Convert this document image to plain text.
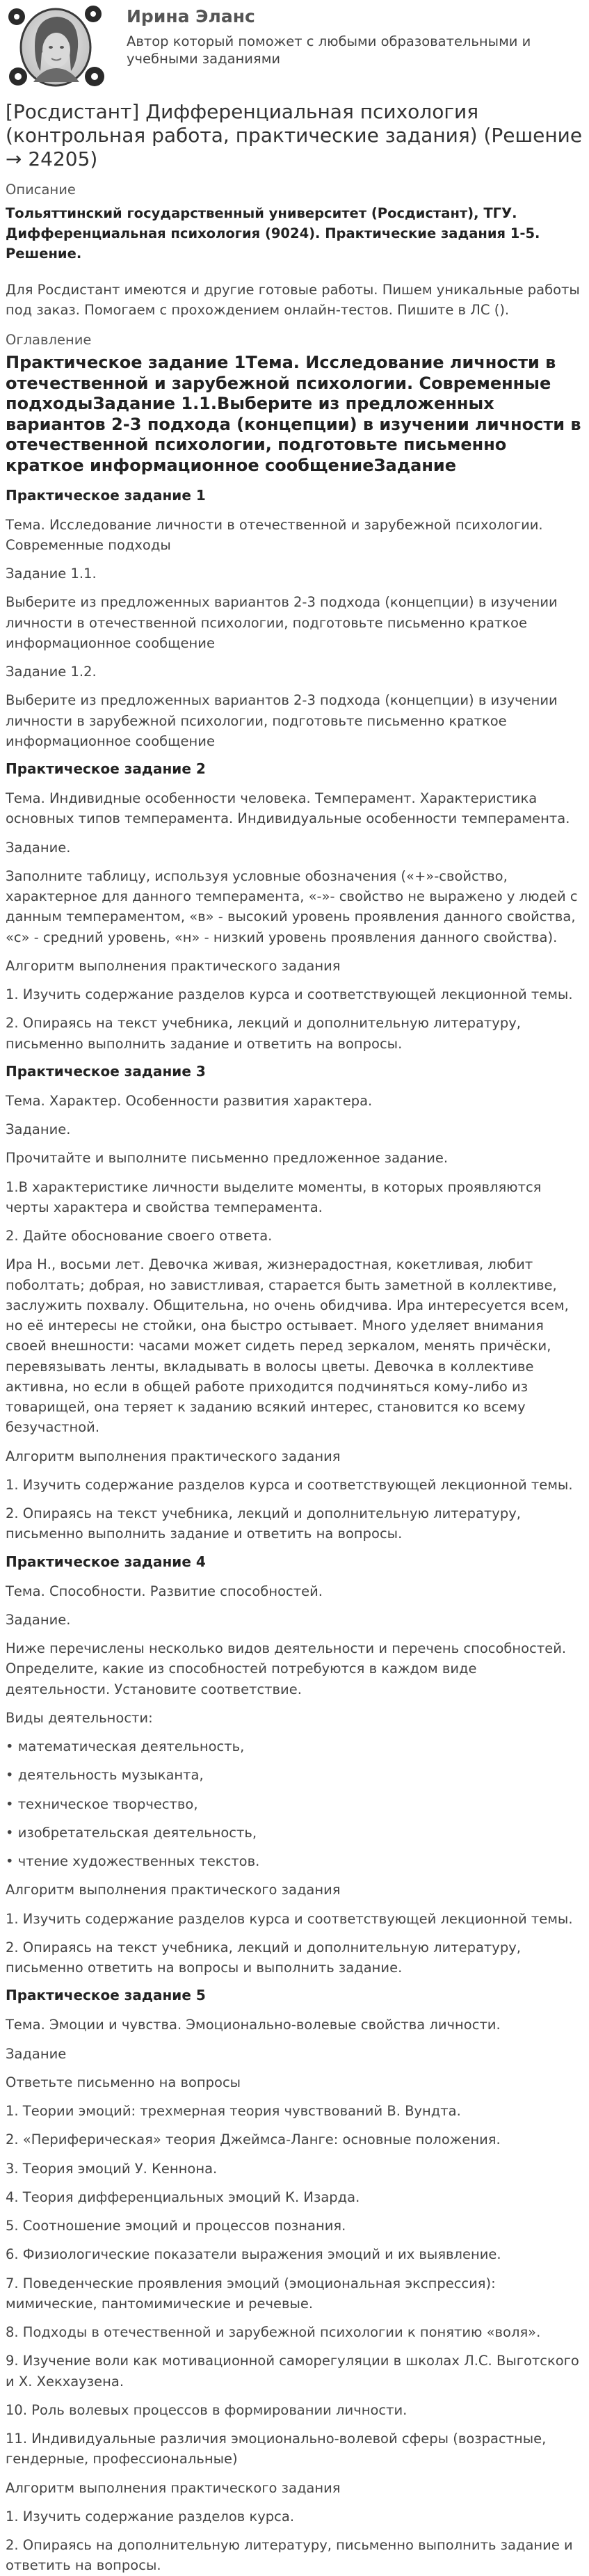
Ирина Эланс
Автор который поможет с любыми образовательными и учебными заданиями
[Росдистант] Дифференциальная психология (контрольная работа, практические задания) (Решение → 24205)
Описание
Тольяттинский государственный университет (Росдистант), ТГУ. Дифференциальная психология (9024). Практические задания 1-5. Решение.
Для Росдистант имеются и другие готовые работы. Пишем уникальные работы под заказ. Помогаем с прохождением онлайн-тестов. Пишите в ЛС ().
Оглавление
Практическое задание 1Тема. Исследование личности в отечественной и зарубежной психологии. Современные подходыЗадание 1.1.Выберите из предложенных вариантов 2-3 подхода (концепции) в изучении личности в отечественной психологии, подготовьте письменно краткое информационное сообщениеЗадание
Практическое задание 1
Тема. Исследование личности в отечественной и зарубежной психологии. Современные подходы
Задание 1.1.
Выберите из предложенных вариантов 2-3 подхода (концепции) в изучении личности в отечественной психологии, подготовьте письменно краткое информационное сообщение
Задание 1.2.
Выберите из предложенных вариантов 2-3 подхода (концепции) в изучении личности в зарубежной психологии, подготовьте письменно краткое информационное сообщение
Практическое задание 2
Тема. Индивидные особенности человека. Темперамент. Характеристика основных типов темперамента. Индивидуальные особенности темперамента.
Задание.
Заполните таблицу, используя условные обозначения («+»-свойство, характерное для данного темперамента, «-»- свойство не выражено у людей с данным темпераментом, «в» - высокий уровень проявления данного свойства, «с» - средний уровень, «н» - низкий уровень проявления данного свойства).
Алгоритм выполнения практического задания
1. Изучить содержание разделов курса и соответствующей лекционной темы.
2. Опираясь на текст учебника, лекций и дополнительную литературу, письменно выполнить задание и ответить на вопросы.
Практическое задание 3
Тема. Характер. Особенности развития характера.
Задание.
Прочитайте и выполните письменно предложенное задание.
1.В характеристике личности выделите моменты, в которых проявляются черты характера и свойства темперамента.
2. Дайте обоснование своего ответа.
Ира Н., восьми лет. Девочка живая, жизнерадостная, кокетливая, любит поболтать; добрая, но завистливая, старается быть заметной в коллективе, заслужить похвалу. Общительна, но очень обидчива. Ира интересуется всем, но её интересы не стойки, она быстро остывает. Много уделяет внимания своей внешности: часами может сидеть перед зеркалом, менять причёски, перевязывать ленты, вкладывать в волосы цветы. Девочка в коллективе активна, но если в общей работе приходится подчиняться кому-либо из товарищей, она теряет к заданию всякий интерес, становится ко всему безучастной.
Алгоритм выполнения практического задания
1. Изучить содержание разделов курса и соответствующей лекционной темы.
2. Опираясь на текст учебника, лекций и дополнительную литературу, письменно выполнить задание и ответить на вопросы.
Практическое задание 4
Тема. Способности. Развитие способностей.
Задание.
Ниже перечислены несколько видов деятельности и перечень способностей. Определите, какие из способностей потребуются в каждом виде деятельности. Установите соответствие.
Виды деятельности:
• математическая деятельность,
• деятельность музыканта,
• техническое творчество,
• изобретательская деятельность,
• чтение художественных текстов.
Алгоритм выполнения практического задания
1. Изучить содержание разделов курса и соответствующей лекционной темы.
2. Опираясь на текст учебника, лекций и дополнительную литературу, письменно ответить на вопросы и выполнить задание.
Практическое задание 5
Тема. Эмоции и чувства. Эмоционально-волевые свойства личности.
Задание
Ответьте письменно на вопросы
1. Теории эмоций: трехмерная теория чувствований В. Вундта.
2. «Периферическая» теория Джеймса-Ланге: основные положения.
3. Теория эмоций У. Кеннона.
4. Теория дифференциальных эмоций К. Изарда.
5. Соотношение эмоций и процессов познания.
6. Физиологические показатели выражения эмоций и их выявление.
7. Поведенческие проявления эмоций (эмоциональная экспрессия): мимические, пантомимические и речевые.
8. Подходы в отечественной и зарубежной психологии к понятию «воля».
9. Изучение воли как мотивационной саморегуляции в школах Л.С. Выготского и Х. Хекхаузена.
10. Роль волевых процессов в формировании личности.
11. Индивидуальные различия эмоционально-волевой сферы (возрастные, гендерные, профессиональные)
Алгоритм выполнения практического задания
1. Изучить содержание разделов курса.
2. Опираясь на дополнительную литературу, письменно выполнить задание и ответить на вопросы.
